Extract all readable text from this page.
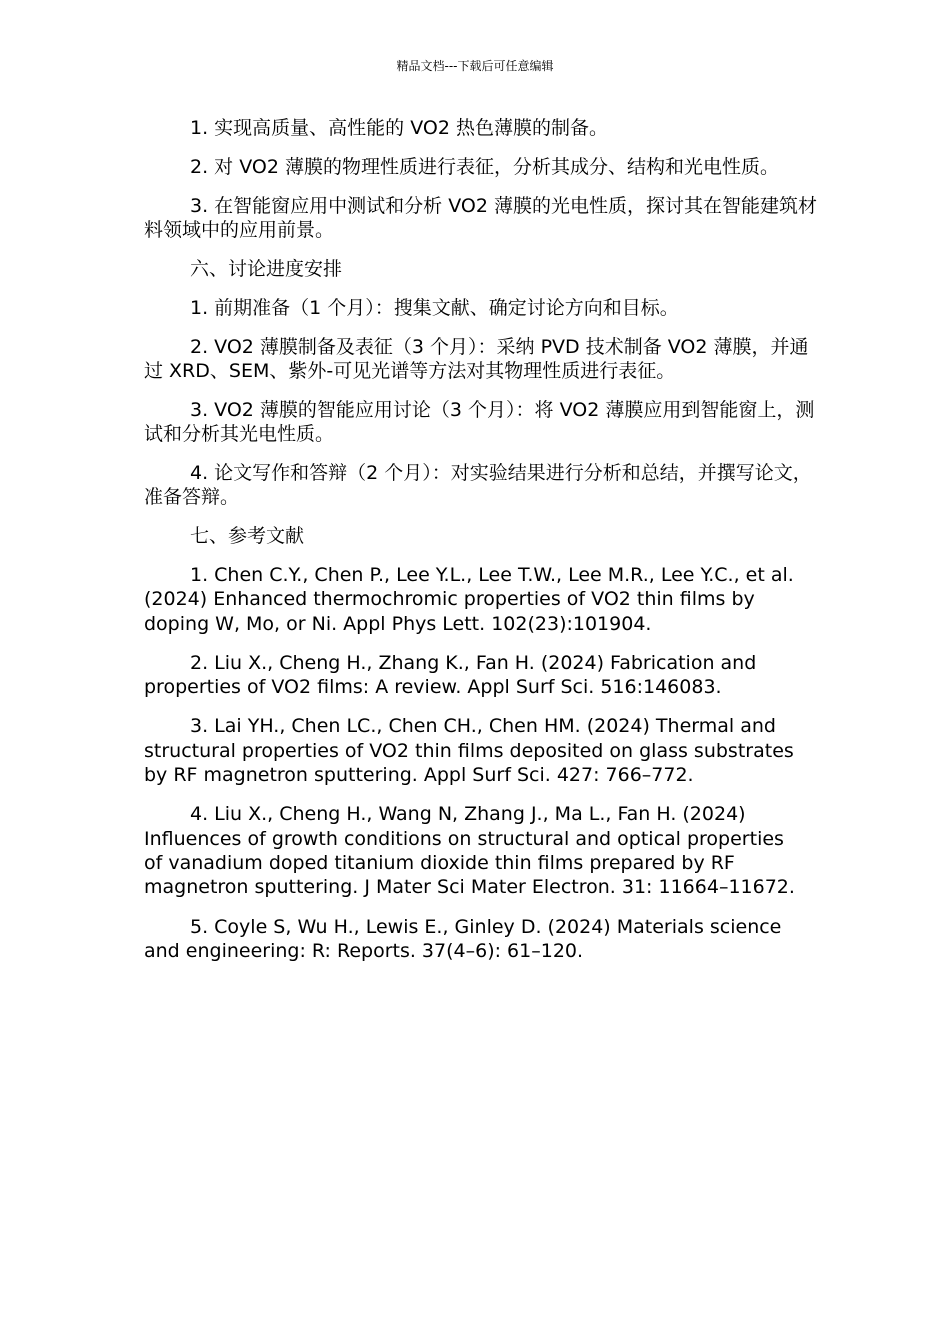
精品文档---下载后可任意编辑

1. 实现高质量、高性能的 VO2 热色薄膜的制备。

2. 对 VO2 薄膜的物理性质进行表征，分析其成分、结构和光电性质。

3. 在智能窗应用中测试和分析 VO2 薄膜的光电性质，探讨其在智能建筑材料领域中的应用前景。

六、讨论进度安排

1. 前期准备（1 个月）：搜集文献、确定讨论方向和目标。

2. VO2 薄膜制备及表征（3 个月）：采纳 PVD 技术制备 VO2 薄膜，并通过 XRD、SEM、紫外-可见光谱等方法对其物理性质进行表征。

3. VO2 薄膜的智能应用讨论（3 个月）：将 VO2 薄膜应用到智能窗上，测试和分析其光电性质。

4. 论文写作和答辩（2 个月）：对实验结果进行分析和总结，并撰写论文，准备答辩。

七、参考文献

1. Chen C.Y., Chen P., Lee Y.L., Lee T.W., Lee M.R., Lee Y.C., et al. (2024) Enhanced thermochromic properties of VO2 thin films by doping W, Mo, or Ni. Appl Phys Lett. 102(23):101904.

2. Liu X., Cheng H., Zhang K., Fan H. (2024) Fabrication and properties of VO2 films: A review. Appl Surf Sci. 516:146083.

3. Lai YH., Chen LC., Chen CH., Chen HM. (2024) Thermal and structural properties of VO2 thin films deposited on glass substrates by RF magnetron sputtering. Appl Surf Sci. 427: 766–772.

4. Liu X., Cheng H., Wang N, Zhang J., Ma L., Fan H. (2024) Influences of growth conditions on structural and optical properties of vanadium doped titanium dioxide thin films prepared by RF magnetron sputtering. J Mater Sci Mater Electron. 31: 11664–11672.

5. Coyle S, Wu H., Lewis E., Ginley D. (2024) Materials science and engineering: R: Reports. 37(4–6): 61–120.
